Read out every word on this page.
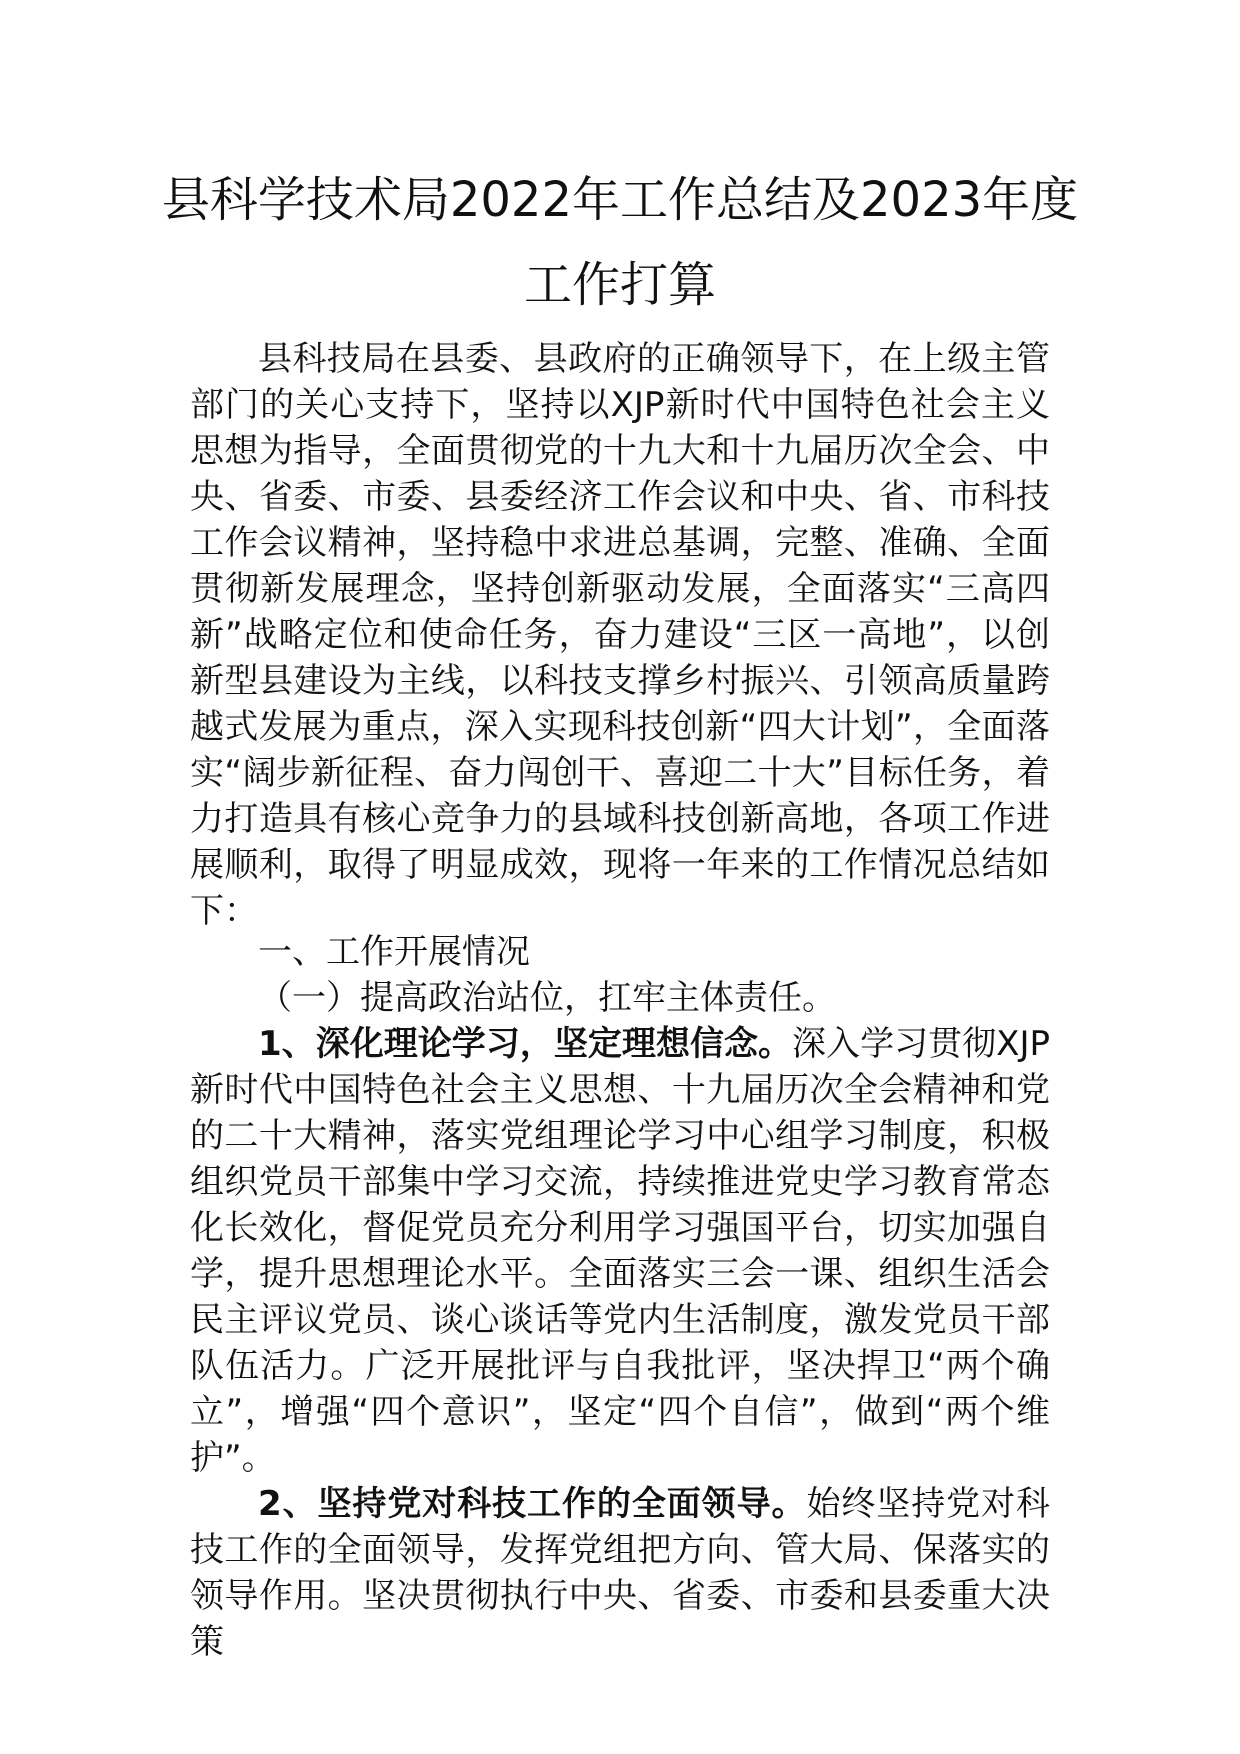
县科学技术局2022年工作总结及2023年度
工作打算

县科技局在县委、县政府的正确领导下，在上级主管部门的关心支持下，坚持以XJP新时代中国特色社会主义思想为指导，全面贯彻党的十九大和十九届历次全会、中央、省委、市委、县委经济工作会议和中央、省、市科技工作会议精神，坚持稳中求进总基调，完整、准确、全面贯彻新发展理念，坚持创新驱动发展，全面落实“三高四新”战略定位和使命任务，奋力建设“三区一高地”，以创新型县建设为主线，以科技支撑乡村振兴、引领高质量跨越式发展为重点，深入实现科技创新“四大计划”，全面落实“阔步新征程、奋力闯创干、喜迎二十大”目标任务，着力打造具有核心竞争力的县域科技创新高地，各项工作进展顺利，取得了明显成效，现将一年来的工作情况总结如下：

一、工作开展情况

（一）提高政治站位，扛牢主体责任。

1、深化理论学习，坚定理想信念。深入学习贯彻XJP新时代中国特色社会主义思想、十九届历次全会精神和党的二十大精神，落实党组理论学习中心组学习制度，积极组织党员干部集中学习交流，持续推进党史学习教育常态化长效化，督促党员充分利用学习强国平台，切实加强自学，提升思想理论水平。全面落实三会一课、组织生活会民主评议党员、谈心谈话等党内生活制度，激发党员干部队伍活力。广泛开展批评与自我批评，坚决捍卫“两个确立”，增强“四个意识”，坚定“四个自信”，做到“两个维护”。

2、坚持党对科技工作的全面领导。始终坚持党对科技工作的全面领导，发挥党组把方向、管大局、保落实的领导作用。坚决贯彻执行中央、省委、市委和县委重大决策
